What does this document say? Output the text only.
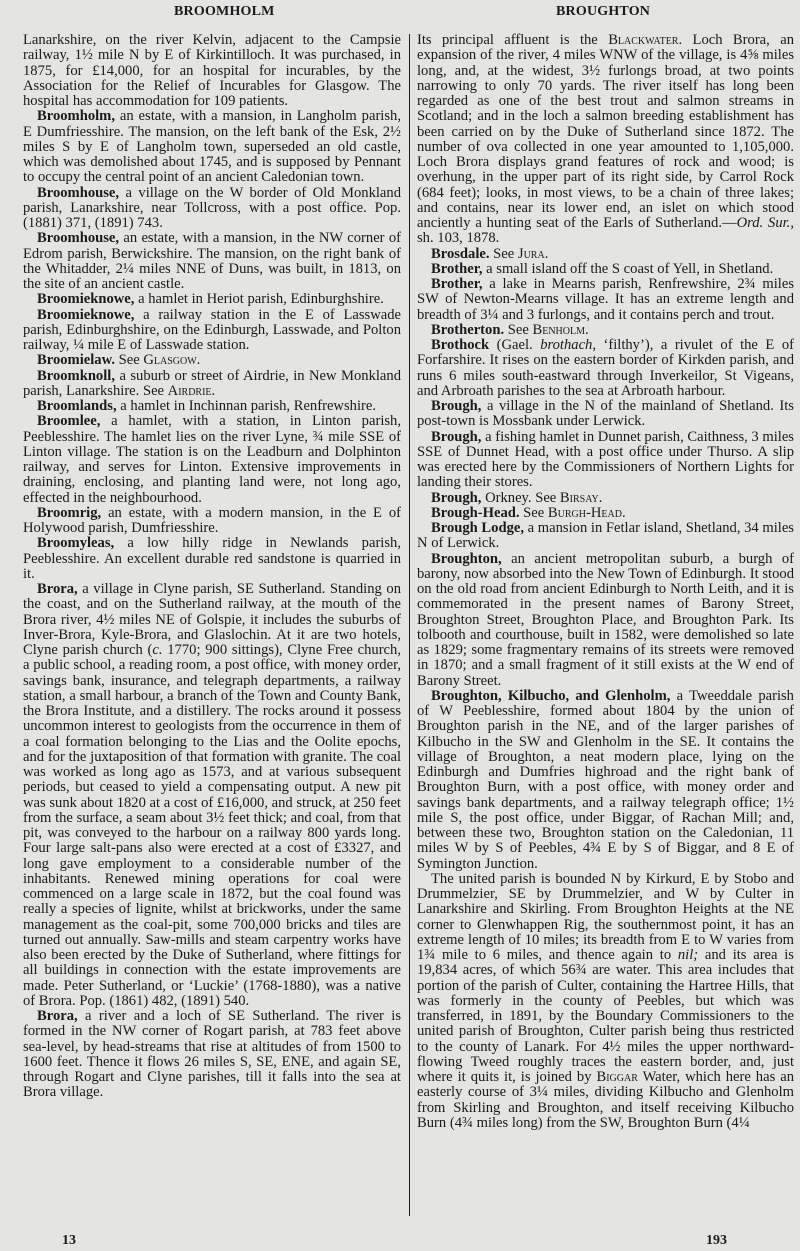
BROOMHOLM	BROUGHTON

Lanarkshire, on the river Kelvin, adjacent to the Campsie railway, 1½ mile N by E of Kirkintilloch. It was purchased, in 1875, for £14,000, for an hospital for incurables, by the Association for the Relief of Incurables for Glasgow. The hospital has accommodation for 109 patients.

Broomholm, an estate, with a mansion, in Langholm parish, E Dumfriesshire. The mansion, on the left bank of the Esk, 2½ miles S by E of Langholm town, superseded an old castle, which was demolished about 1745, and is supposed by Pennant to occupy the central point of an ancient Caledonian town.

Broomhouse, a village on the W border of Old Monkland parish, Lanarkshire, near Tollcross, with a post office. Pop. (1881) 371, (1891) 743.

Broomhouse, an estate, with a mansion, in the NW corner of Edrom parish, Berwickshire. The mansion, on the right bank of the Whitadder, 2¼ miles NNE of Duns, was built, in 1813, on the site of an ancient castle.

Broomieknowe, a hamlet in Heriot parish, Edinburghshire.

Broomieknowe, a railway station in the E of Lasswade parish, Edinburghshire, on the Edinburgh, Lasswade, and Polton railway, ¼ mile E of Lasswade station.

Broomielaw. See Glasgow.

Broomknoll, a suburb or street of Airdrie, in New Monkland parish, Lanarkshire. See Airdrie.

Broomlands, a hamlet in Inchinnan parish, Renfrewshire.

Broomlee, a hamlet, with a station, in Linton parish, Peeblesshire. The hamlet lies on the river Lyne, ¾ mile SSE of Linton village. The station is on the Leadburn and Dolphinton railway, and serves for Linton. Extensive improvements in draining, enclosing, and planting land were, not long ago, effected in the neighbourhood.

Broomrig, an estate, with a modern mansion, in the E of Holywood parish, Dumfriesshire.

Broomyleas, a low hilly ridge in Newlands parish, Peeblesshire. An excellent durable red sandstone is quarried in it.

Brora, a village in Clyne parish, SE Sutherland. Standing on the coast, and on the Sutherland railway, at the mouth of the Brora river, 4½ miles NE of Golspie, it includes the suburbs of Inver-Brora, Kyle-Brora, and Glaslochin. At it are two hotels, Clyne parish church (c. 1770; 900 sittings), Clyne Free church, a public school, a reading room, a post office, with money order, savings bank, insurance, and telegraph departments, a railway station, a small harbour, a branch of the Town and County Bank, the Brora Institute, and a distillery. The rocks around it possess uncommon interest to geologists from the occurrence in them of a coal formation belonging to the Lias and the Oolite epochs, and for the juxtaposition of that formation with granite. The coal was worked as long ago as 1573, and at various subsequent periods, but ceased to yield a compensating output. A new pit was sunk about 1820 at a cost of £16,000, and struck, at 250 feet from the surface, a seam about 3½ feet thick; and coal, from that pit, was conveyed to the harbour on a railway 800 yards long. Four large salt-pans also were erected at a cost of £3327, and long gave employment to a considerable number of the inhabitants. Renewed mining operations for coal were commenced on a large scale in 1872, but the coal found was really a species of lignite, whilst at brickworks, under the same management as the coal-pit, some 700,000 bricks and tiles are turned out annually. Saw-mills and steam carpentry works have also been erected by the Duke of Sutherland, where fittings for all buildings in connection with the estate improvements are made. Peter Sutherland, or ‘Luckie’ (1768-1880), was a native of Brora. Pop. (1861) 482, (1891) 540.

Brora, a river and a loch of SE Sutherland. The river is formed in the NW corner of Rogart parish, at 783 feet above sea-level, by head-streams that rise at altitudes of from 1500 to 1600 feet. Thence it flows 26 miles S, SE, ENE, and again SE, through Rogart and Clyne parishes, till it falls into the sea at Brora village.

Its principal affluent is the Blackwater. Loch Brora, an expansion of the river, 4 miles WNW of the village, is 4⅝ miles long, and, at the widest, 3½ furlongs broad, at two points narrowing to only 70 yards. The river itself has long been regarded as one of the best trout and salmon streams in Scotland; and in the loch a salmon breeding establishment has been carried on by the Duke of Sutherland since 1872. The number of ova collected in one year amounted to 1,105,000. Loch Brora displays grand features of rock and wood; is overhung, in the upper part of its right side, by Carrol Rock (684 feet); looks, in most views, to be a chain of three lakes; and contains, near its lower end, an islet on which stood anciently a hunting seat of the Earls of Sutherland.—Ord. Sur., sh. 103, 1878.

Brosdale. See Jura.

Brother, a small island off the S coast of Yell, in Shetland.

Brother, a lake in Mearns parish, Renfrewshire, 2¾ miles SW of Newton-Mearns village. It has an extreme length and breadth of 3¼ and 3 furlongs, and it contains perch and trout.

Brotherton. See Benholm.

Brothock (Gael. brothach, ‘filthy’), a rivulet of the E of Forfarshire. It rises on the eastern border of Kirkden parish, and runs 6 miles south-eastward through Inverkeilor, St Vigeans, and Arbroath parishes to the sea at Arbroath harbour.

Brough, a village in the N of the mainland of Shetland. Its post-town is Mossbank under Lerwick.

Brough, a fishing hamlet in Dunnet parish, Caithness, 3 miles SSE of Dunnet Head, with a post office under Thurso. A slip was erected here by the Commissioners of Northern Lights for landing their stores.

Brough, Orkney. See Birsay.

Brough-Head. See Burgh-Head.

Brough Lodge, a mansion in Fetlar island, Shetland, 34 miles N of Lerwick.

Broughton, an ancient metropolitan suburb, a burgh of barony, now absorbed into the New Town of Edinburgh. It stood on the old road from ancient Edinburgh to North Leith, and it is commemorated in the present names of Barony Street, Broughton Street, Broughton Place, and Broughton Park. Its tolbooth and courthouse, built in 1582, were demolished so late as 1829; some fragmentary remains of its streets were removed in 1870; and a small fragment of it still exists at the W end of Barony Street.

Broughton, Kilbucho, and Glenholm, a Tweeddale parish of W Peeblesshire, formed about 1804 by the union of Broughton parish in the NE, and of the larger parishes of Kilbucho in the SW and Glenholm in the SE. It contains the village of Broughton, a neat modern place, lying on the Edinburgh and Dumfries highroad and the right bank of Broughton Burn, with a post office, with money order and savings bank departments, and a railway telegraph office; 1½ mile S, the post office, under Biggar, of Rachan Mill; and, between these two, Broughton station on the Caledonian, 11 miles W by S of Peebles, 4¾ E by S of Biggar, and 8 E of Symington Junction.

The united parish is bounded N by Kirkurd, E by Stobo and Drummelzier, SE by Drummelzier, and W by Culter in Lanarkshire and Skirling. From Broughton Heights at the NE corner to Glenwhappen Rig, the southernmost point, it has an extreme length of 10 miles; its breadth from E to W varies from 1¾ mile to 6 miles, and thence again to nil; and its area is 19,834 acres, of which 56¾ are water. This area includes that portion of the parish of Culter, containing the Hartree Hills, that was formerly in the county of Peebles, but which was transferred, in 1891, by the Boundary Commissioners to the united parish of Broughton, Culter parish being thus restricted to the county of Lanark. For 4½ miles the upper northward-flowing Tweed roughly traces the eastern border, and, just where it quits it, is joined by Biggar Water, which here has an easterly course of 3¼ miles, dividing Kilbucho and Glenholm from Skirling and Broughton, and itself receiving Kilbucho Burn (4¾ miles long) from the SW, Broughton Burn (4¼

13	193
